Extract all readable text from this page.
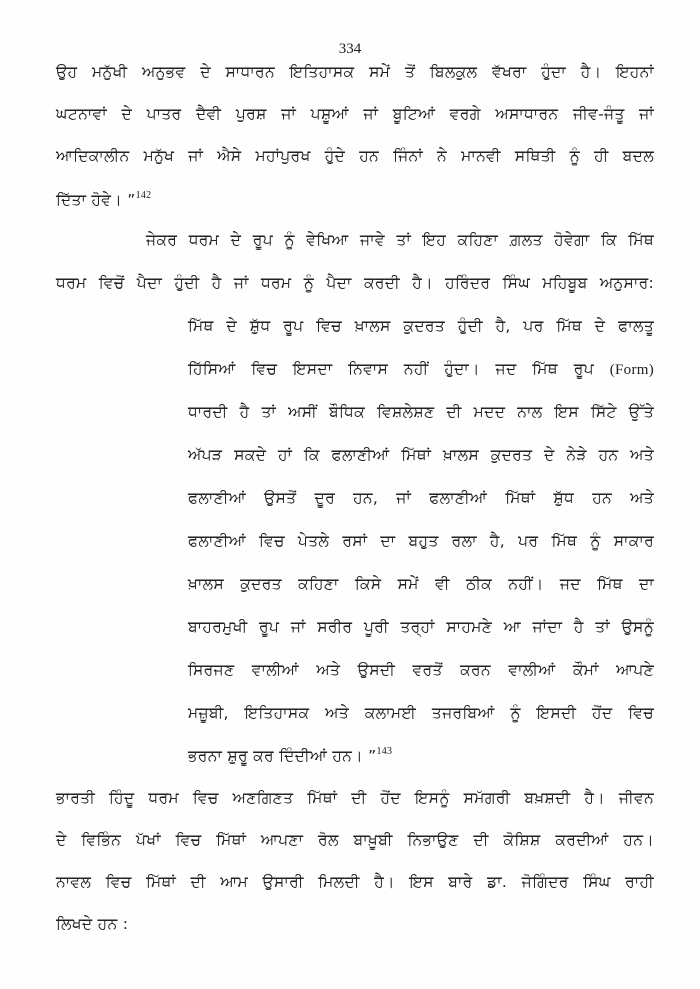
334
ਉਹ ਮਨੁੱਖੀ ਅਨੁਭਵ ਦੇ ਸਾਧਾਰਨ ਇਤਿਹਾਸਕ ਸਮੇਂ ਤੋਂ ਬਿਲਕੁਲ ਵੱਖਰਾ ਹੁੰਦਾ ਹੈ। ਇਹਨਾਂ
ਘਟਨਾਵਾਂ ਦੇ ਪਾਤਰ ਦੈਵੀ ਪੁਰਸ਼ ਜਾਂ ਪਸ਼ੂਆਂ ਜਾਂ ਬੂਟਿਆਂ ਵਰਗੇ ਅਸਾਧਾਰਨ ਜੀਵ-ਜੰਤੂ ਜਾਂ
ਆਦਿਕਾਲੀਨ ਮਨੁੱਖ ਜਾਂ ਐਸੇ ਮਹਾਂਪੁਰਖ ਹੁੰਦੇ ਹਨ ਜਿੰਨਾਂ ਨੇ ਮਾਨਵੀ ਸਥਿਤੀ ਨੂੰ ਹੀ ਬਦਲ
ਦਿੱਤਾ ਹੋਵੇ। ”$^{142}$
ਜੇਕਰ ਧਰਮ ਦੇ ਰੂਪ ਨੂੰ ਵੇਖਿਆ ਜਾਵੇ ਤਾਂ ਇਹ ਕਹਿਣਾ ਗ਼ਲਤ ਹੋਵੇਗਾ ਕਿ ਮਿੱਥ
ਧਰਮ ਵਿਚੋਂ ਪੈਦਾ ਹੁੰਦੀ ਹੈ ਜਾਂ ਧਰਮ ਨੂੰ ਪੈਦਾ ਕਰਦੀ ਹੈ। ਹਰਿੰਦਰ ਸਿੰਘ ਮਹਿਬੂਬ ਅਨੁਸਾਰ:
ਮਿੱਥ ਦੇ ਸ਼ੁੱਧ ਰੂਪ ਵਿਚ ਖ਼ਾਲਸ ਕੁਦਰਤ ਹੁੰਦੀ ਹੈ, ਪਰ ਮਿੱਥ ਦੇ ਫਾਲਤੂ
ਹਿੱਸਿਆਂ ਵਿਚ ਇਸਦਾ ਨਿਵਾਸ ਨਹੀਂ ਹੁੰਦਾ। ਜਦ ਮਿੱਥ ਰੂਪ (Form)
ਧਾਰਦੀ ਹੈ ਤਾਂ ਅਸੀਂ ਬੌਧਿਕ ਵਿਸ਼ਲੇਸ਼ਣ ਦੀ ਮਦਦ ਨਾਲ ਇਸ ਸਿੱਟੇ ਉੱਤੇ
ਅੱਪੜ ਸਕਦੇ ਹਾਂ ਕਿ ਫਲਾਣੀਆਂ ਮਿੱਥਾਂ ਖ਼ਾਲਸ ਕੁਦਰਤ ਦੇ ਨੇੜੇ ਹਨ ਅਤੇ
ਫਲਾਣੀਆਂ ਉਸਤੋਂ ਦੂਰ ਹਨ, ਜਾਂ ਫਲਾਣੀਆਂ ਮਿੱਥਾਂ ਸ਼ੁੱਧ ਹਨ ਅਤੇ
ਫਲਾਣੀਆਂ ਵਿਚ ਪੇਤਲੇ ਰਸਾਂ ਦਾ ਬਹੁਤ ਰਲਾ ਹੈ, ਪਰ ਮਿੱਥ ਨੂੰ ਸਾਕਾਰ
ਖ਼ਾਲਸ ਕੁਦਰਤ ਕਹਿਣਾ ਕਿਸੇ ਸਮੇਂ ਵੀ ਠੀਕ ਨਹੀਂ। ਜਦ ਮਿੱਥ ਦਾ
ਬਾਹਰਮੁਖੀ ਰੂਪ ਜਾਂ ਸਰੀਰ ਪੂਰੀ ਤਰ੍ਹਾਂ ਸਾਹਮਣੇ ਆ ਜਾਂਦਾ ਹੈ ਤਾਂ ਉਸਨੂੰ
ਸਿਰਜਣ ਵਾਲੀਆਂ ਅਤੇ ਉਸਦੀ ਵਰਤੋਂ ਕਰਨ ਵਾਲੀਆਂ ਕੌਮਾਂ ਆਪਣੇ
ਮਜ਼ੂਬੀ, ਇਤਿਹਾਸਕ ਅਤੇ ਕਲਾਮਈ ਤਜਰਬਿਆਂ ਨੂੰ ਇਸਦੀ ਹੋਂਦ ਵਿਚ
ਭਰਨਾ ਸ਼ੁਰੂ ਕਰ ਦਿੰਦੀਆਂ ਹਨ। ”$^{143}$
ਭਾਰਤੀ ਹਿੰਦੂ ਧਰਮ ਵਿਚ ਅਣਗਿਣਤ ਮਿੱਥਾਂ ਦੀ ਹੋਂਦ ਇਸਨੂੰ ਸਮੱਗਰੀ ਬਖ਼ਸ਼ਦੀ ਹੈ। ਜੀਵਨ
ਦੇ ਵਿਭਿੰਨ ਪੱਖਾਂ ਵਿਚ ਮਿੱਥਾਂ ਆਪਣਾ ਰੋਲ ਬਾਖ਼ੂਬੀ ਨਿਭਾਉਣ ਦੀ ਕੋਸ਼ਿਸ਼ ਕਰਦੀਆਂ ਹਨ।
ਨਾਵਲ ਵਿਚ ਮਿੱਥਾਂ ਦੀ ਆਮ ਉਸਾਰੀ ਮਿਲਦੀ ਹੈ। ਇਸ ਬਾਰੇ ਡਾ. ਜੋਗਿੰਦਰ ਸਿੰਘ ਰਾਹੀ
ਲਿਖਦੇ ਹਨ :
